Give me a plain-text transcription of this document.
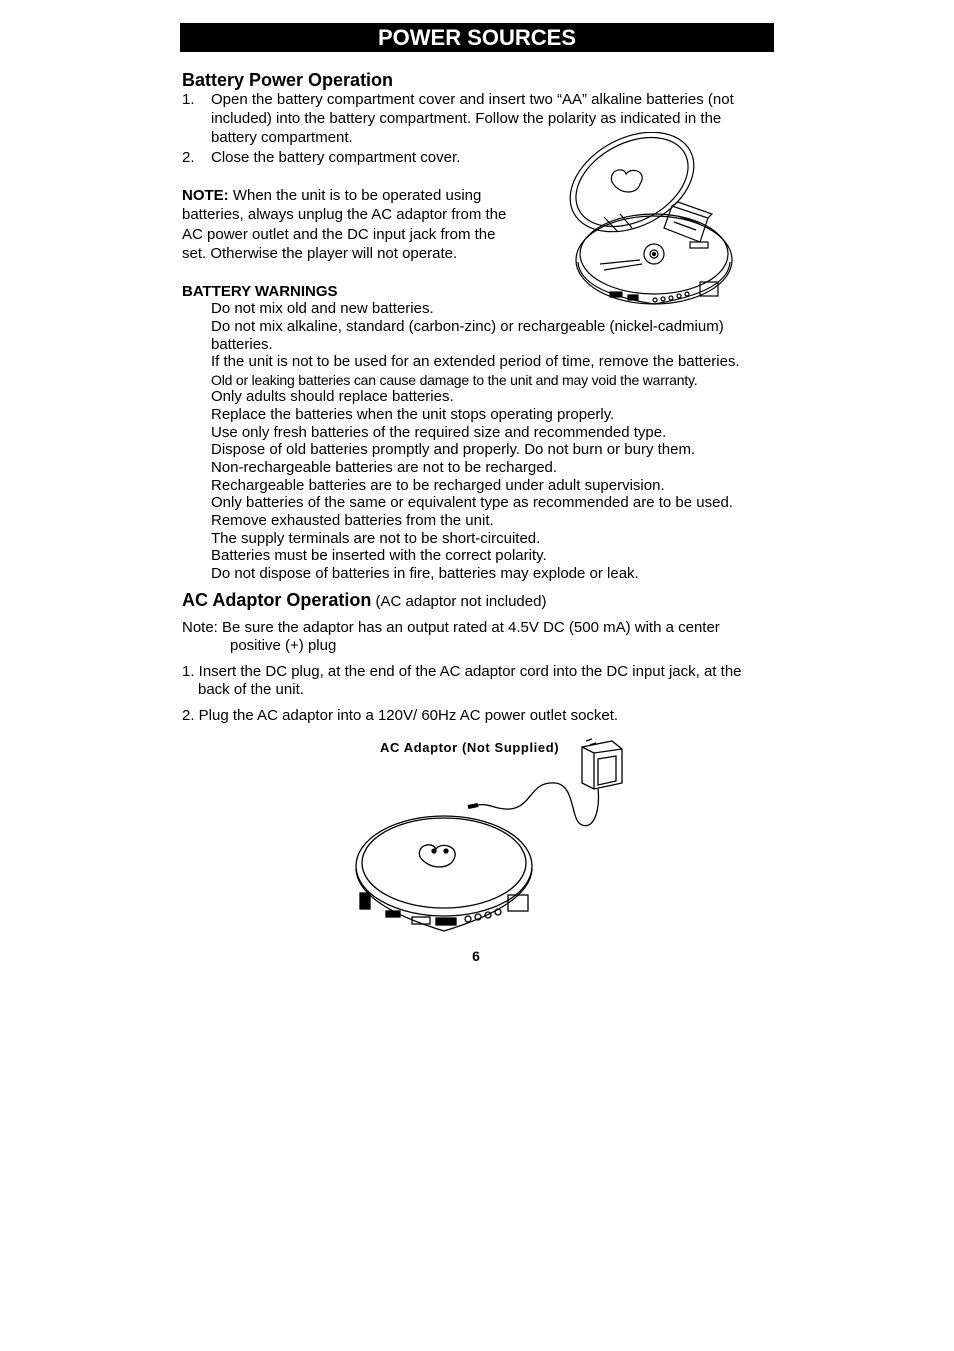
POWER SOURCES
Battery Power Operation
1. Open the battery compartment cover and insert two “AA” alkaline batteries (not
included) into the battery compartment. Follow the polarity as indicated in the
battery compartment.
2. Close the battery compartment cover.
NOTE: When the unit is to be operated using
batteries, always unplug the AC adaptor from the
AC power outlet and the DC input jack from the
set. Otherwise the player will not operate.
BATTERY WARNINGS
Do not mix old and new batteries.
Do not mix alkaline, standard (carbon-zinc) or rechargeable (nickel-cadmium)
batteries.
If the unit is not to be used for an extended period of time, remove the batteries.
Old or leaking batteries can cause damage to the unit and may void the warranty.
Only adults should replace batteries.
Replace the batteries when the unit stops operating properly.
Use only fresh batteries of the required size and recommended type.
Dispose of old batteries promptly and properly. Do not burn or bury them.
Non-rechargeable batteries are not to be recharged.
Rechargeable batteries are to be recharged under adult supervision.
Only batteries of the same or equivalent type as recommended are to be used.
Remove exhausted batteries from the unit.
The supply terminals are not to be short-circuited.
Batteries must be inserted with the correct polarity.
Do not dispose of batteries in fire, batteries may explode or leak.
AC Adaptor Operation (AC adaptor not included)
Note: Be sure the adaptor has an output rated at 4.5V DC (500 mA) with a center
positive (+) plug
1. Insert the DC plug, at the end of the AC adaptor cord into the DC input jack, at the
back of the unit.
2. Plug the AC adaptor into a 120V/ 60Hz AC power outlet socket.
AC Adaptor (Not Supplied)
6
